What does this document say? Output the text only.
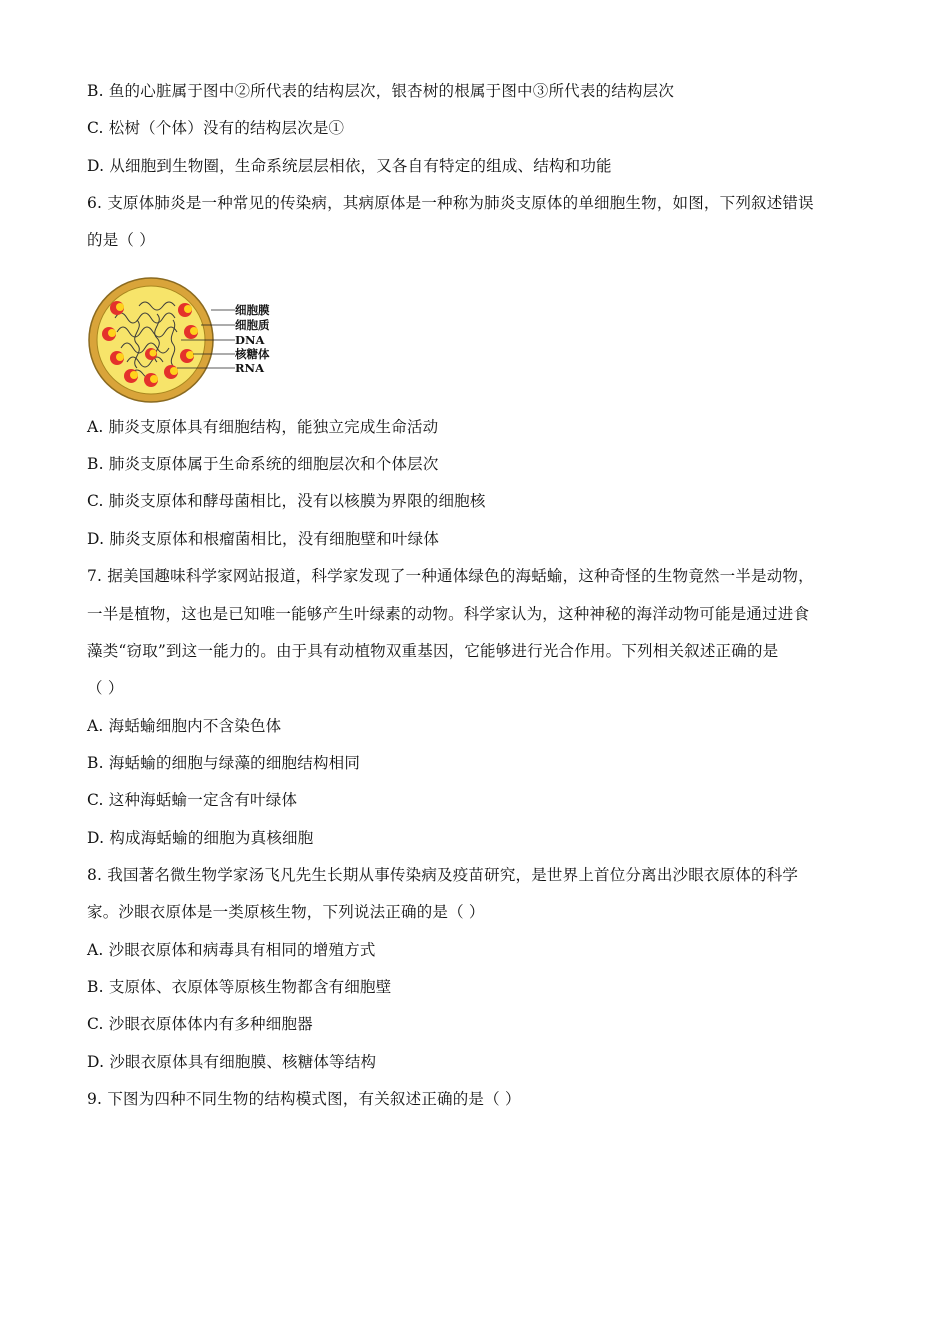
B. 鱼的心脏属于图中②所代表的结构层次，银杏树的根属于图中③所代表的结构层次
C. 松树（个体）没有的结构层次是①
D. 从细胞到生物圈，生命系统层层相依，又各自有特定的组成、结构和功能
6. 支原体肺炎是一种常见的传染病，其病原体是一种称为肺炎支原体的单细胞生物，如图，下列叙述错误
的是（ ）
细胞膜
细胞质
DNA
核糖体
RNA
A. 肺炎支原体具有细胞结构，能独立完成生命活动
B. 肺炎支原体属于生命系统的细胞层次和个体层次
C. 肺炎支原体和酵母菌相比，没有以核膜为界限的细胞核
D. 肺炎支原体和根瘤菌相比，没有细胞壁和叶绿体
7. 据美国趣味科学家网站报道，科学家发现了一种通体绿色的海蛞蝓，这种奇怪的生物竟然一半是动物，
一半是植物，这也是已知唯一能够产生叶绿素的动物。科学家认为，这种神秘的海洋动物可能是通过进食
藻类“窃取”到这一能力的。由于具有动植物双重基因，它能够进行光合作用。下列相关叙述正确的是
（ ）
A. 海蛞蝓细胞内不含染色体
B. 海蛞蝓的细胞与绿藻的细胞结构相同
C. 这种海蛞蝓一定含有叶绿体
D. 构成海蛞蝓的细胞为真核细胞
8. 我国著名微生物学家汤飞凡先生长期从事传染病及疫苗研究，是世界上首位分离出沙眼衣原体的科学
家。沙眼衣原体是一类原核生物，下列说法正确的是（ ）
A. 沙眼衣原体和病毒具有相同的增殖方式
B. 支原体、衣原体等原核生物都含有细胞壁
C. 沙眼衣原体体内有多种细胞器
D. 沙眼衣原体具有细胞膜、核糖体等结构
9. 下图为四种不同生物的结构模式图，有关叙述正确的是（ ）
